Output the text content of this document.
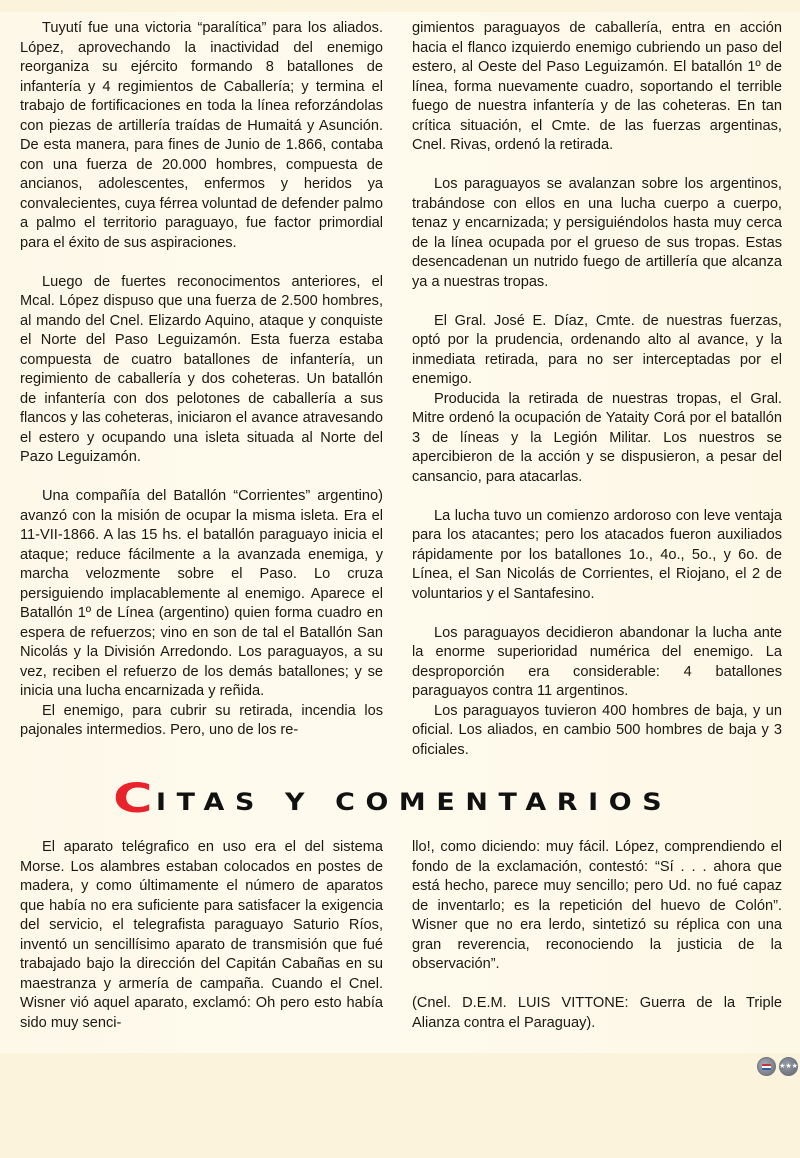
Tuyutí fue una victoria “paralítica” para los aliados. López, aprovechando la inactividad del enemigo reorganiza su ejército formando 8 batallones de infantería y 4 regimientos de Caballería; y termina el trabajo de fortificaciones en toda la línea reforzándolas con piezas de artillería traídas de Humaitá y Asunción. De esta manera, para fines de Junio de 1.866, contaba con una fuerza de 20.000 hombres, compuesta de ancianos, adolescentes, enfermos y heridos ya convalecientes, cuya férrea voluntad de defender palmo a palmo el territorio paraguayo, fue factor primordial para el éxito de sus aspiraciones.

Luego de fuertes reconocimentos anteriores, el Mcal. López dispuso que una fuerza de 2.500 hombres, al mando del Cnel. Elizardo Aquino, ataque y conquiste el Norte del Paso Leguizamón. Esta fuerza estaba compuesta de cuatro batallones de infantería, un regimiento de caballería y dos coheteras. Un batallón de infantería con dos pelotones de caballería a sus flancos y las coheteras, iniciaron el avance atravesando el estero y ocupando una isleta situada al Norte del Pazo Leguizamón.

Una compañía del Batallón “Corrientes” argentino) avanzó con la misión de ocupar la misma isleta. Era el 11-VII-1866. A las 15 hs. el batallón paraguayo inicia el ataque; reduce fácilmente a la avanzada enemiga, y marcha velozmente sobre el Paso. Lo cruza persiguiendo implacablemente al enemigo. Aparece el Batallón 1º de Línea (argentino) quien forma cuadro en espera de refuerzos; vino en son de tal el Batallón San Nicolás y la División Arredondo. Los paraguayos, a su vez, reciben el refuerzo de los demás batallones; y se inicia una lucha encarnizada y reñida.

El enemigo, para cubrir su retirada, incendia los pajonales intermedios. Pero, uno de los re-

gimientos paraguayos de caballería, entra en acción hacia el flanco izquierdo enemigo cubriendo un paso del estero, al Oeste del Paso Leguizamón. El batallón 1º de línea, forma nuevamente cuadro, soportando el terrible fuego de nuestra infantería y de las coheteras. En tan crítica situación, el Cmte. de las fuerzas argentinas, Cnel. Rivas, ordenó la retirada.

Los paraguayos se avalanzan sobre los argentinos, trabándose con ellos en una lucha cuerpo a cuerpo, tenaz y encarnizada; y persiguiéndolos hasta muy cerca de la línea ocupada por el grueso de sus tropas. Estas desencadenan un nutrido fuego de artillería que alcanza ya a nuestras tropas.

El Gral. José E. Díaz, Cmte. de nuestras fuerzas, optó por la prudencia, ordenando alto al avance, y la inmediata retirada, para no ser interceptadas por el enemigo.

Producida la retirada de nuestras tropas, el Gral. Mitre ordenó la ocupación de Yataity Corá por el batallón 3 de líneas y la Legión Militar. Los nuestros se apercibieron de la acción y se dispusieron, a pesar del cansancio, para atacarlas.

La lucha tuvo un comienzo ardoroso con leve ventaja para los atacantes; pero los atacados fueron auxiliados rápidamente por los batallones 1o., 4o., 5o., y 6o. de Línea, el San Nicolás de Corrientes, el Riojano, el 2 de voluntarios y el Santafesino.

Los paraguayos decidieron abandonar la lucha ante la enorme superioridad numérica del enemigo. La desproporción era considerable: 4 batallones paraguayos contra 11 argentinos.

Los paraguayos tuvieron 400 hombres de baja, y un oficial. Los aliados, en cambio 500 hombres de baja y 3 oficiales.

C ITAS Y COMENTARIOS

El aparato telégrafico en uso era el del sistema Morse. Los alambres estaban colocados en postes de madera, y como últimamente el número de aparatos que había no era suficiente para satisfacer la exigencia del servicio, el telegrafista paraguayo Saturio Ríos, inventó un sencillísimo aparato de transmisión que fué trabajado bajo la dirección del Capitán Cabañas en su maestranza y armería de campaña. Cuando el Cnel. Wisner vió aquel aparato, exclamó: Oh pero esto había sido muy senci-

llo!, como diciendo: muy fácil. López, comprendiendo el fondo de la exclamación, contestó: “Sí . . . ahora que está hecho, parece muy sencillo; pero Ud. no fué capaz de inventarlo; es la repetición del huevo de Colón”. Wisner que no era lerdo, sintetizó su réplica con una gran reverencia, reconociendo la justicia de la observación”.

(Cnel. D.E.M. LUIS VITTONE: Guerra de la Triple Alianza contra el Paraguay).

★★★
